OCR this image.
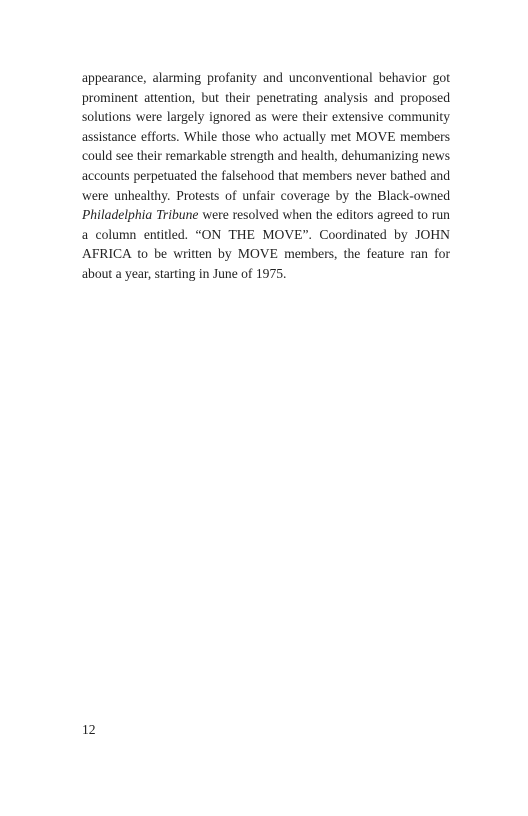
appearance, alarming profanity and unconventional behavior got prominent attention, but their penetrating analysis and proposed solutions were largely ignored as were their extensive community assistance efforts. While those who actually met MOVE members could see their remarkable strength and health, dehumanizing news accounts perpetuated the falsehood that members never bathed and were unhealthy. Protests of unfair coverage by the Black-owned Philadelphia Tribune were resolved when the editors agreed to run a column entitled. “ON THE MOVE”. Coordinated by JOHN AFRICA to be written by MOVE members, the feature ran for about a year, starting in June of 1975.

12
